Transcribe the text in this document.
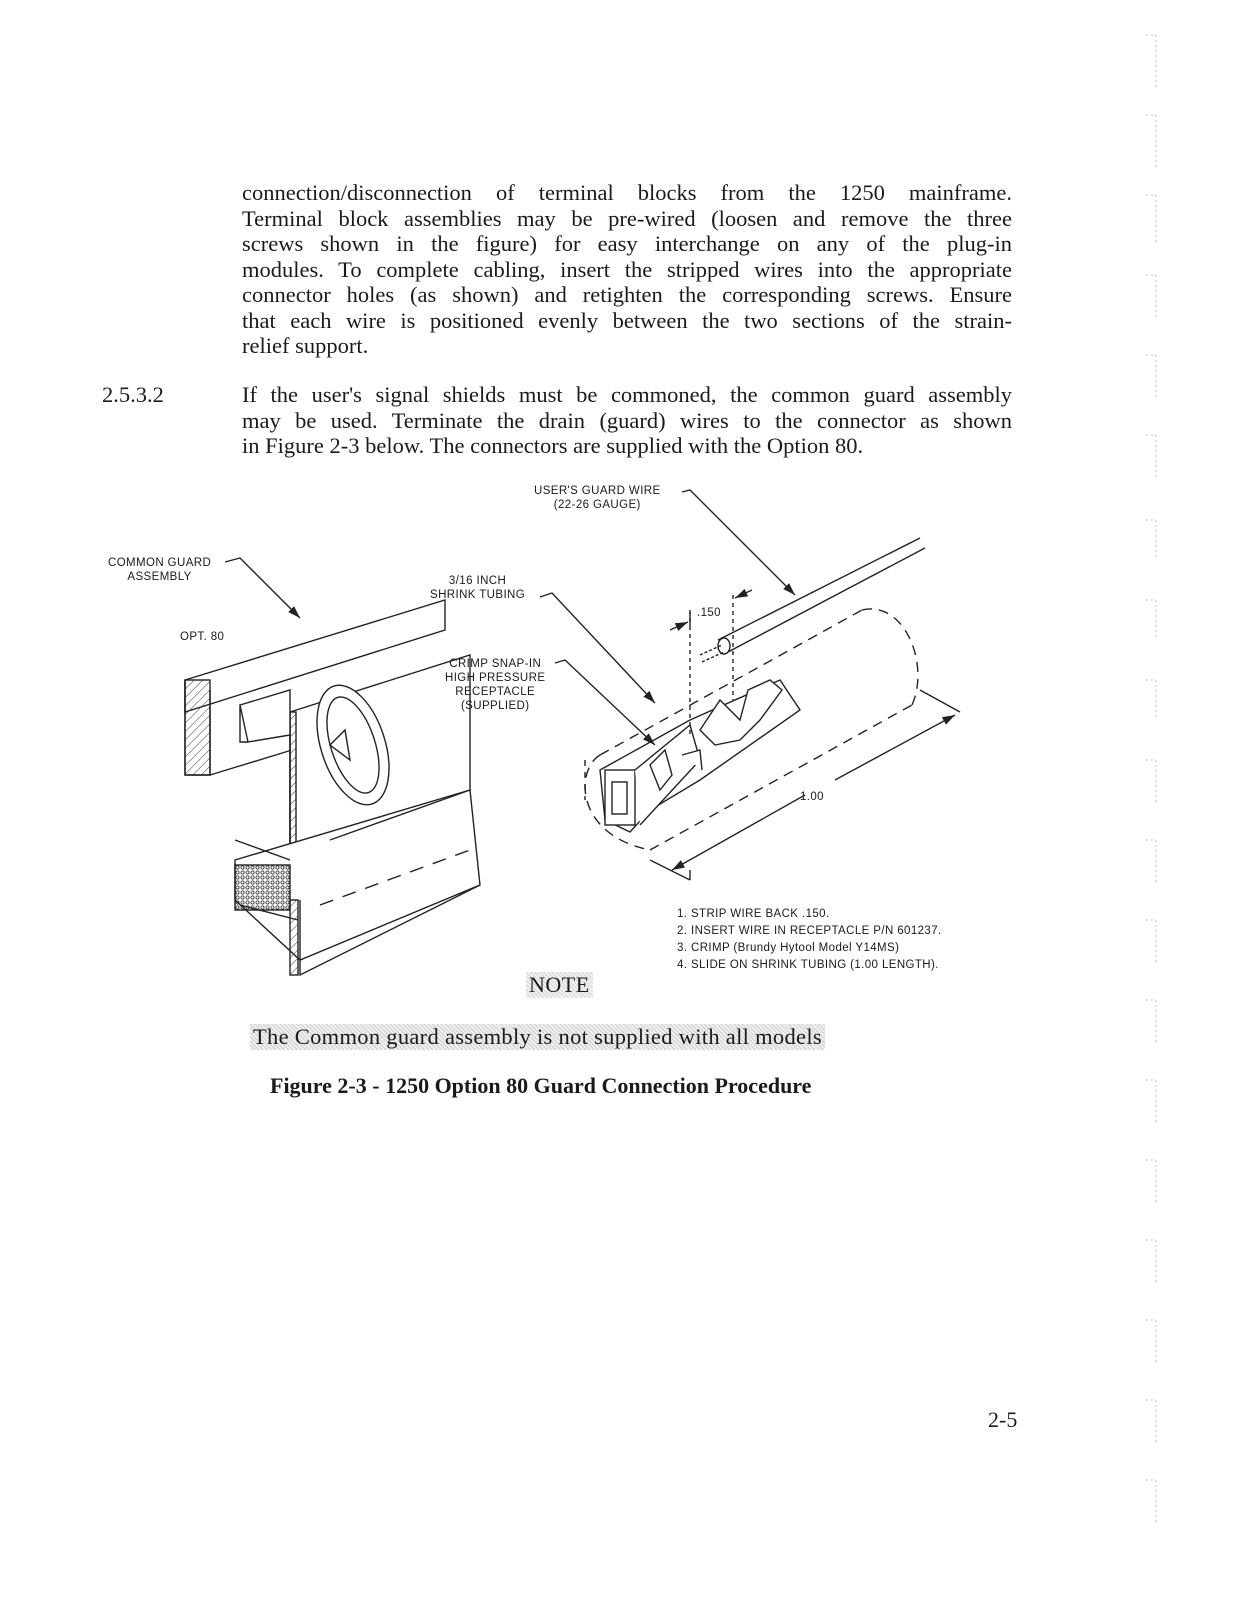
connection/disconnection of terminal blocks from the 1250 mainframe.
Terminal block assemblies may be pre-wired (loosen and remove the three
screws shown in the figure) for easy interchange on any of the plug-in
modules. To complete cabling, insert the stripped wires into the appropriate
connector holes (as shown) and retighten the corresponding screws. Ensure
that each wire is positioned evenly between the two sections of the strain-
relief support.
2.5.3.2	If the user's signal shields must be commoned, the common guard assembly
may be used. Terminate the drain (guard) wires to the connector as shown
in Figure 2-3 below. The connectors are supplied with the Option 80.
USER'S GUARD WIRE
(22-26 GAUGE)
COMMON GUARD
ASSEMBLY	3/16 INCH
SHRINK TUBING
OPT. 80
CRIMP SNAP-IN
HIGH PRESSURE
RECEPTACLE
(SUPPLIED)
.150
1.00
1. STRIP WIRE BACK .150.
2. INSERT WIRE IN RECEPTACLE P/N 601237.
3. CRIMP (Brundy Hytool Model Y14MS)
4. SLIDE ON SHRINK TUBING (1.00 LENGTH).
NOTE
The Common guard assembly is not supplied with all models
Figure 2-3 - 1250 Option 80 Guard Connection Procedure
2-5
